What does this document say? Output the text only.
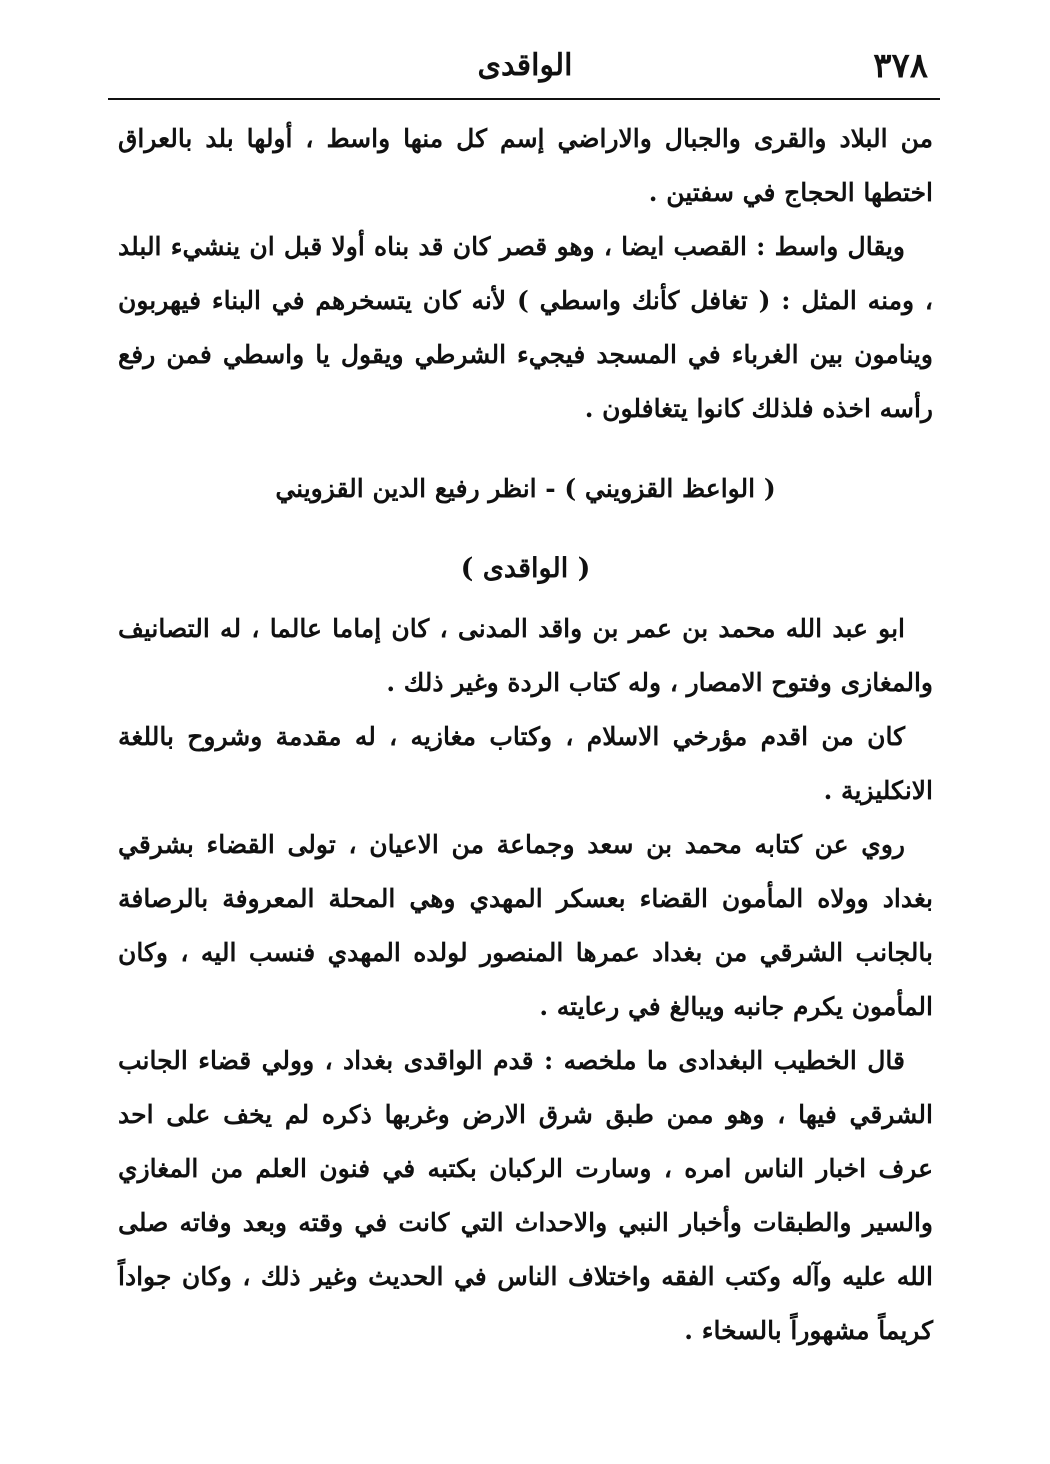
٣٧٨
الواقدى

من البلاد والقرى والجبال والاراضي إسم كل منها واسط ، أولها بلد بالعراق اختطها الحجاج في سفتين .

ويقال واسط : القصب ايضا ، وهو قصر كان قد بناه أولا قبل ان ينشيء البلد ، ومنه المثل : ( تغافل كأنك واسطي ) لأنه كان يتسخرهم في البناء فيهربون وينامون بين الغرباء في المسجد فيجيء الشرطي ويقول يا واسطي فمن رفع رأسه اخذه فلذلك كانوا يتغافلون .

( الواعظ القزويني ) - انظر رفيع الدين القزويني

( الواقدى )

ابو عبد الله محمد بن عمر بن واقد المدنى ، كان إماما عالما ، له التصانيف والمغازى وفتوح الامصار ، وله كتاب الردة وغير ذلك .

كان من اقدم مؤرخي الاسلام ، وكتاب مغازيه ، له مقدمة وشروح باللغة الانكليزية .

روي عن كتابه محمد بن سعد وجماعة من الاعيان ، تولى القضاء بشرقي بغداد وولاه المأمون القضاء بعسكر المهدي وهي المحلة المعروفة بالرصافة بالجانب الشرقي من بغداد عمرها المنصور لولده المهدي فنسب اليه ، وكان المأمون يكرم جانبه ويبالغ في رعايته .

قال الخطيب البغدادى ما ملخصه : قدم الواقدى بغداد ، وولي قضاء الجانب الشرقي فيها ، وهو ممن طبق شرق الارض وغربها ذكره لم يخف على احد عرف اخبار الناس امره ، وسارت الركبان بكتبه في فنون العلم من المغازي والسير والطبقات وأخبار النبي والاحداث التي كانت في وقته وبعد وفاته صلى الله عليه وآله وكتب الفقه واختلاف الناس في الحديث وغير ذلك ، وكان جواداً كريماً مشهوراً بالسخاء .
